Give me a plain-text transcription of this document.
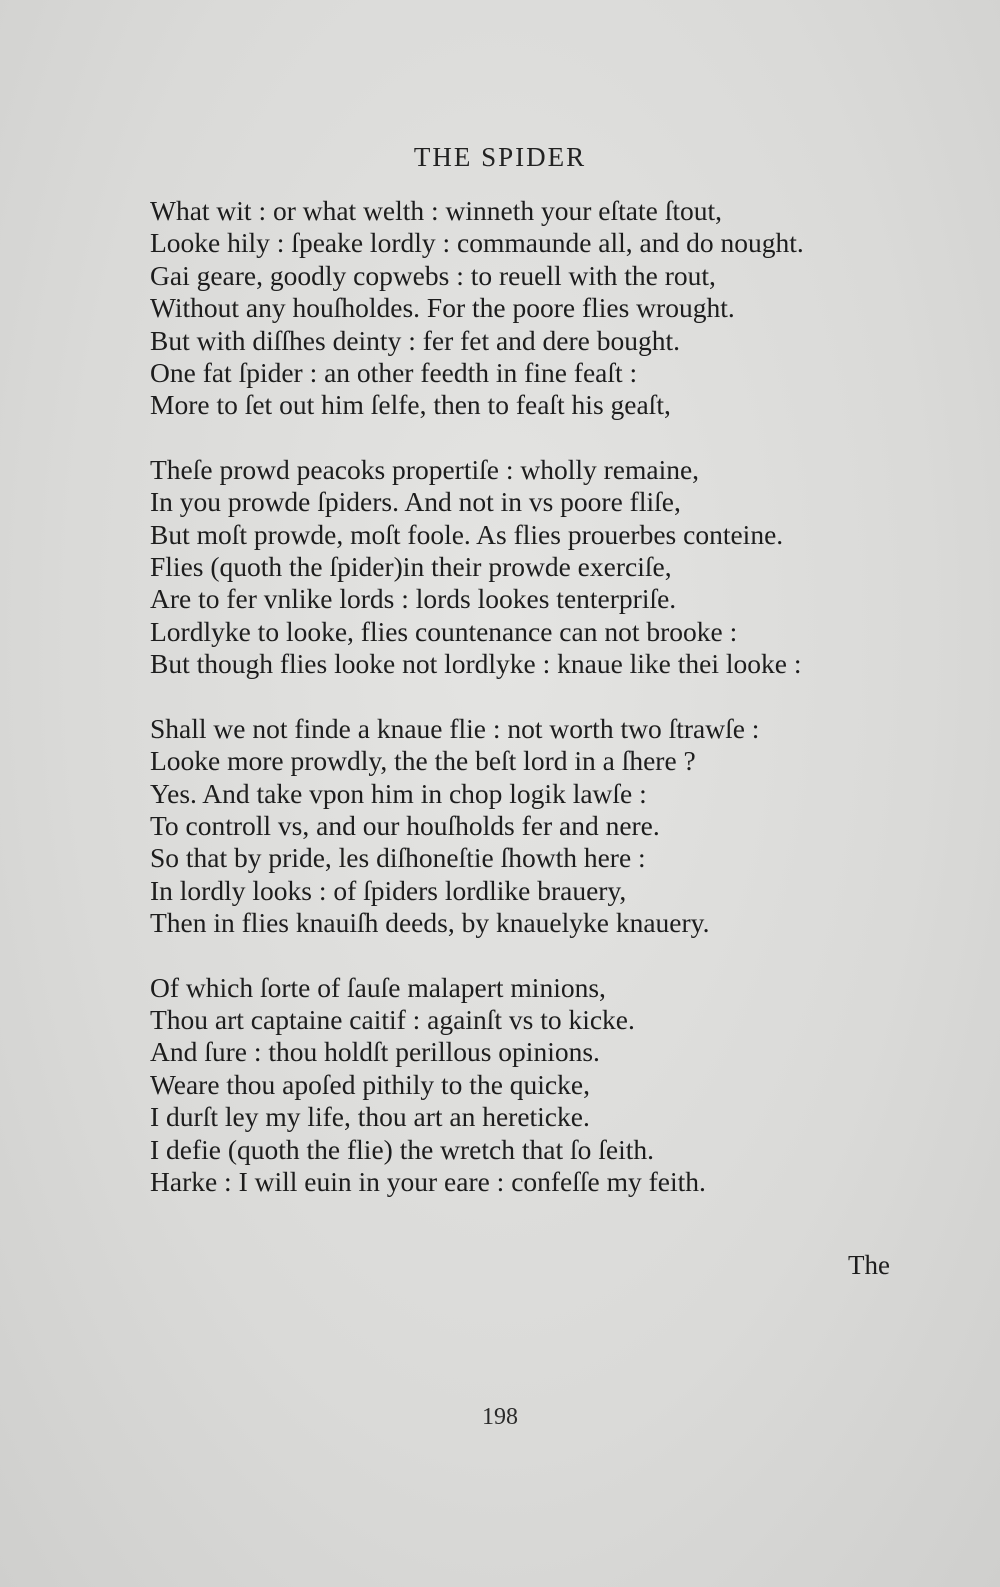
THE SPIDER
What wit : or what welth : winneth your eſtate ſtout,
Looke hily : ſpeake lordly : commaunde all, and do nought.
Gai geare, goodly copwebs : to reuell with the rout,
Without any houſholdes. For the poore flies wrought.
But with diſſhes deinty : fer fet and dere bought.
One fat ſpider : an other feedth in fine feaſt :
More to ſet out him ſelfe, then to feaſt his geaſt,
Theſe prowd peacoks propertiſe : wholly remaine,
In you prowde ſpiders. And not in vs poore fliſe,
But moſt prowde, moſt foole. As flies prouerbes conteine.
Flies (quoth the ſpider)in their prowde exerciſe,
Are to fer vnlike lords : lords lookes tenterpriſe.
Lordlyke to looke, flies countenance can not brooke :
But though flies looke not lordlyke : knaue like thei looke :
Shall we not finde a knaue flie : not worth two ſtrawſe :
Looke more prowdly, the the beſt lord in a ſhere ?
Yes. And take vpon him in chop logik lawſe :
To controll vs, and our houſholds fer and nere.
So that by pride, les diſhoneſtie ſhowth here :
In lordly looks : of ſpiders lordlike brauery,
Then in flies knauiſh deeds, by knauelyke knauery.
Of which ſorte of ſauſe malapert minions,
Thou art captaine caitif : againſt vs to kicke.
And ſure : thou holdſt perillous opinions.
Weare thou apoſed pithily to the quicke,
I durſt ley my life, thou art an hereticke.
I defie (quoth the flie) the wretch that ſo ſeith.
Harke : I will euin in your eare : confeſſe my feith.
The
198
